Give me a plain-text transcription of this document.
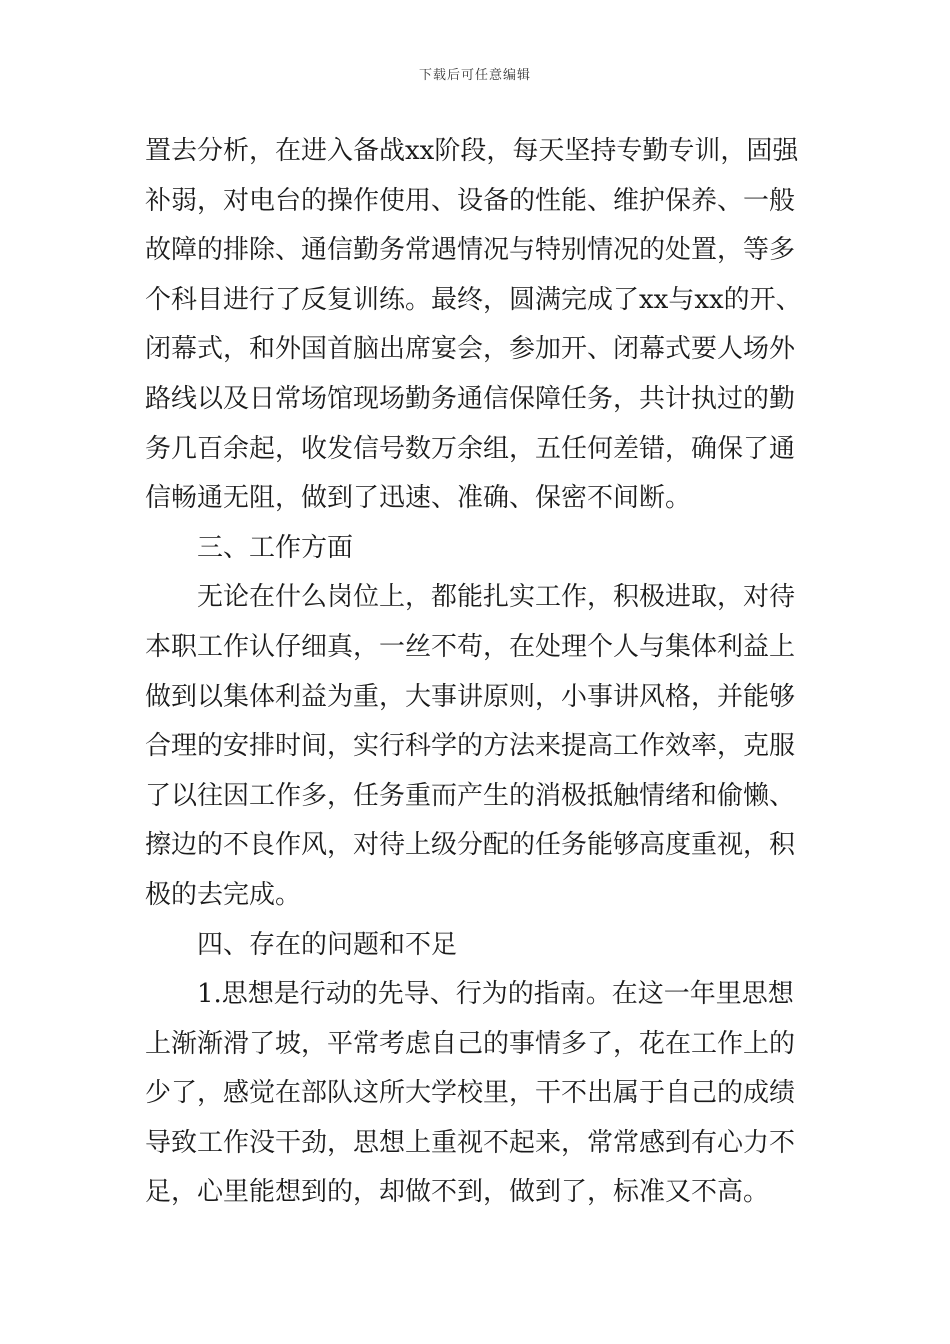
下载后可任意编辑
置去分析，在进入备战xx阶段，每天坚持专勤专训，固强
补弱，对电台的操作使用、设备的性能、维护保养、一般
故障的排除、通信勤务常遇情况与特别情况的处置，等多
个科目进行了反复训练。最终，圆满完成了xx与xx的开、
闭幕式，和外国首脑出席宴会，参加开、闭幕式要人场外
路线以及日常场馆现场勤务通信保障任务，共计执过的勤
务几百余起，收发信号数万余组，五任何差错，确保了通
信畅通无阻，做到了迅速、准确、保密不间断。
三、工作方面
无论在什么岗位上，都能扎实工作，积极进取，对待
本职工作认仔细真，一丝不苟，在处理个人与集体利益上
做到以集体利益为重，大事讲原则，小事讲风格，并能够
合理的安排时间，实行科学的方法来提高工作效率，克服
了以往因工作多，任务重而产生的消极抵触情绪和偷懒、
擦边的不良作风，对待上级分配的任务能够高度重视，积
极的去完成。
四、存在的问题和不足
1.思想是行动的先导、行为的指南。在这一年里思想
上渐渐滑了坡，平常考虑自己的事情多了，花在工作上的
少了，感觉在部队这所大学校里，干不出属于自己的成绩
导致工作没干劲，思想上重视不起来，常常感到有心力不
足，心里能想到的，却做不到，做到了，标准又不高。
